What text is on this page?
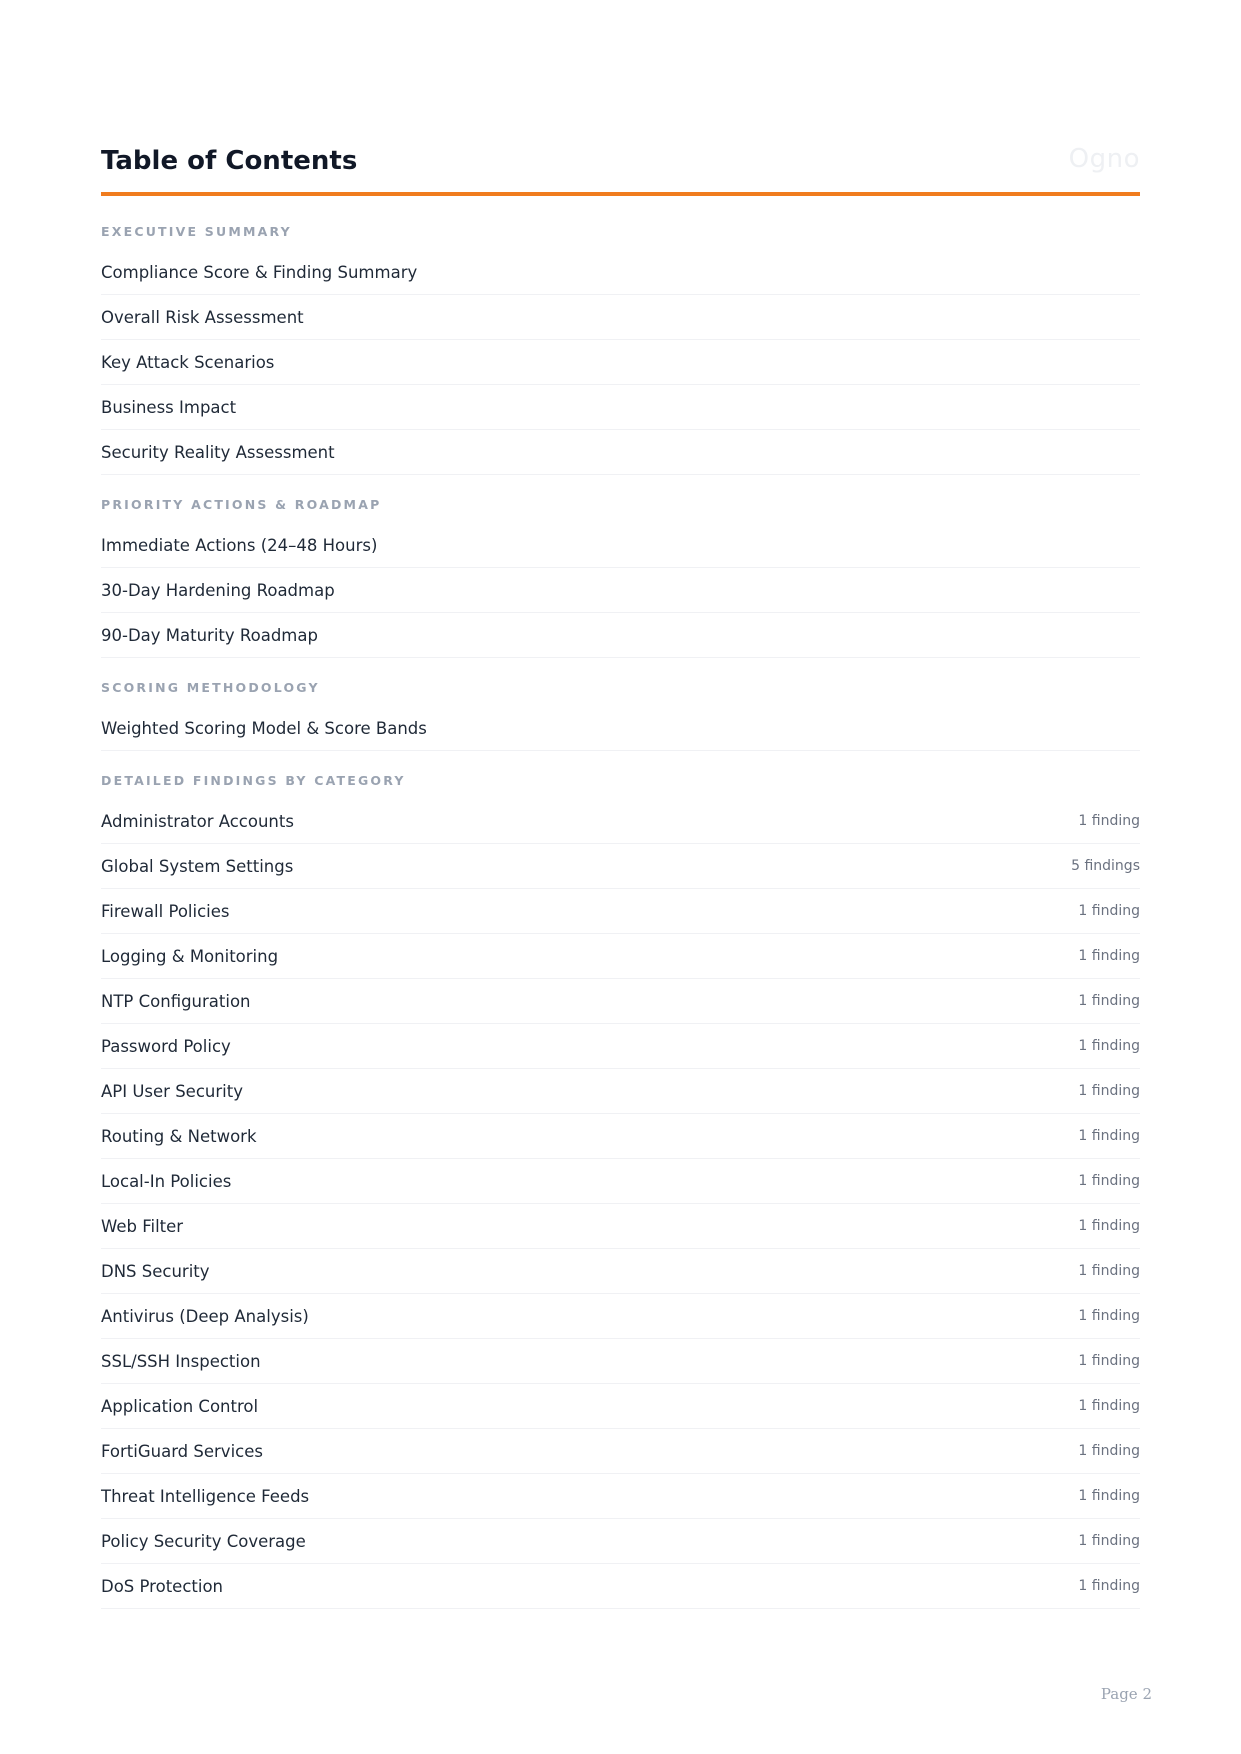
Table of Contents	Ogno
EXECUTIVE SUMMARY
Compliance Score & Finding Summary
Overall Risk Assessment
Key Attack Scenarios
Business Impact
Security Reality Assessment
PRIORITY ACTIONS & ROADMAP
Immediate Actions (24–48 Hours)
30-Day Hardening Roadmap
90-Day Maturity Roadmap
SCORING METHODOLOGY
Weighted Scoring Model & Score Bands
DETAILED FINDINGS BY CATEGORY
Administrator Accounts	1 finding
Global System Settings	5 findings
Firewall Policies	1 finding
Logging & Monitoring	1 finding
NTP Configuration	1 finding
Password Policy	1 finding
API User Security	1 finding
Routing & Network	1 finding
Local-In Policies	1 finding
Web Filter	1 finding
DNS Security	1 finding
Antivirus (Deep Analysis)	1 finding
SSL/SSH Inspection	1 finding
Application Control	1 finding
FortiGuard Services	1 finding
Threat Intelligence Feeds	1 finding
Policy Security Coverage	1 finding
DoS Protection	1 finding
Page 2
